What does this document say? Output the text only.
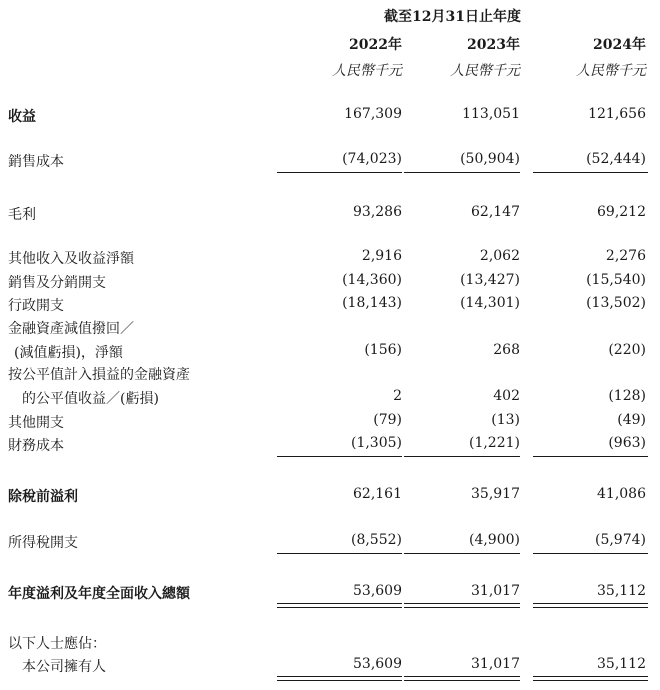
截至12月31日止年度
2022年	2023年	2024年
人民幣千元	人民幣千元	人民幣千元
收益	167,309	113,051	121,656
銷售成本	(74,023)	(50,904)	(52,444)
毛利	93,286	62,147	69,212
其他收入及收益淨額	2,916	2,062	2,276
銷售及分銷開支	(14,360)	(13,427)	(15,540)
行政開支	(18,143)	(14,301)	(13,502)
金融資產減值撥回／
(減值虧損)，淨額	(156)	268	(220)
按公平值計入損益的金融資產
的公平值收益／(虧損)	2	402	(128)
其他開支	(79)	(13)	(49)
財務成本	(1,305)	(1,221)	(963)
除稅前溢利	62,161	35,917	41,086
所得稅開支	(8,552)	(4,900)	(5,974)
年度溢利及年度全面收入總額	53,609	31,017	35,112
以下人士應佔：
本公司擁有人	53,609	31,017	35,112
